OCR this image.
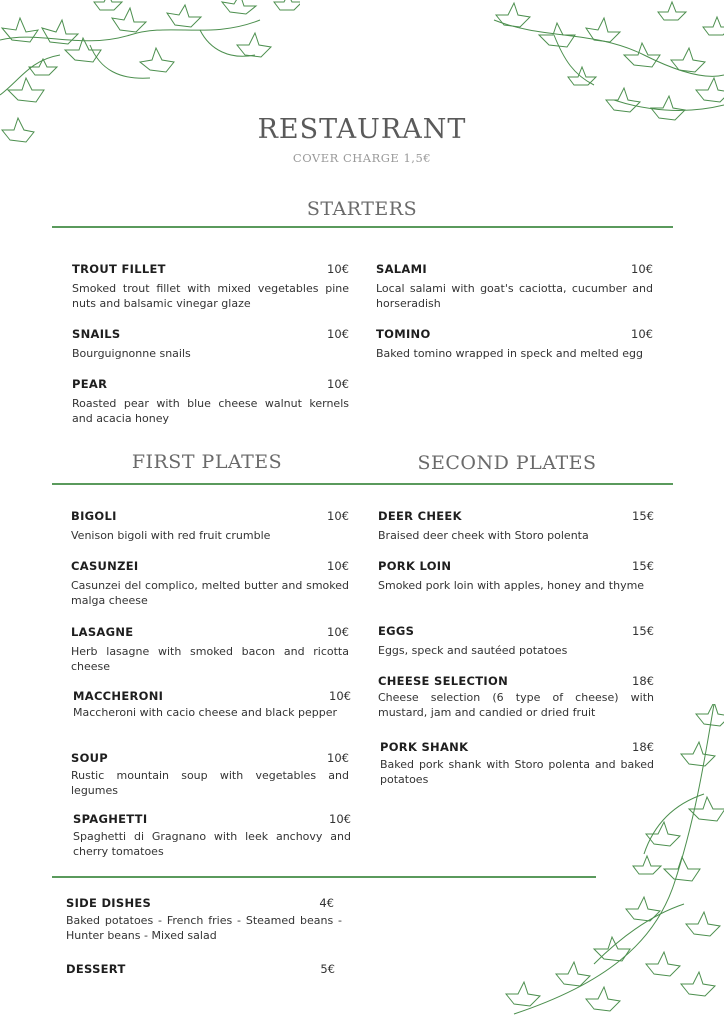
RESTAURANT
COVER CHARGE 1,5€
STARTERS
TROUT FILLET	10€
Smoked trout fillet with mixed vegetables pine nuts and balsamic vinegar glaze
SNAILS	10€
Bourguignonne snails
PEAR	10€
Roasted pear with blue cheese walnut kernels and acacia honey
SALAMI	10€
Local salami with goat's caciotta, cucumber and horseradish
TOMINO	10€
Baked tomino wrapped in speck and melted egg
FIRST PLATES	SECOND PLATES
BIGOLI	10€
Venison bigoli with red fruit crumble
CASUNZEI	10€
Casunzei del complico, melted butter and smoked malga cheese
LASAGNE	10€
Herb lasagne with smoked bacon and ricotta cheese
MACCHERONI	10€
Maccheroni with cacio cheese and black pepper
SOUP	10€
Rustic mountain soup with vegetables and legumes
SPAGHETTI	10€
Spaghetti di Gragnano with leek anchovy and cherry tomatoes
DEER CHEEK	15€
Braised deer cheek with Storo polenta
PORK LOIN	15€
Smoked pork loin with apples, honey and thyme
EGGS	15€
Eggs, speck and sautéed potatoes
CHEESE SELECTION	18€
Cheese selection (6 type of cheese) with mustard, jam and candied or dried fruit
PORK SHANK	18€
Baked pork shank with Storo polenta and baked potatoes
SIDE DISHES	4€
Baked potatoes - French fries - Steamed beans - Hunter beans - Mixed salad
DESSERT	5€
